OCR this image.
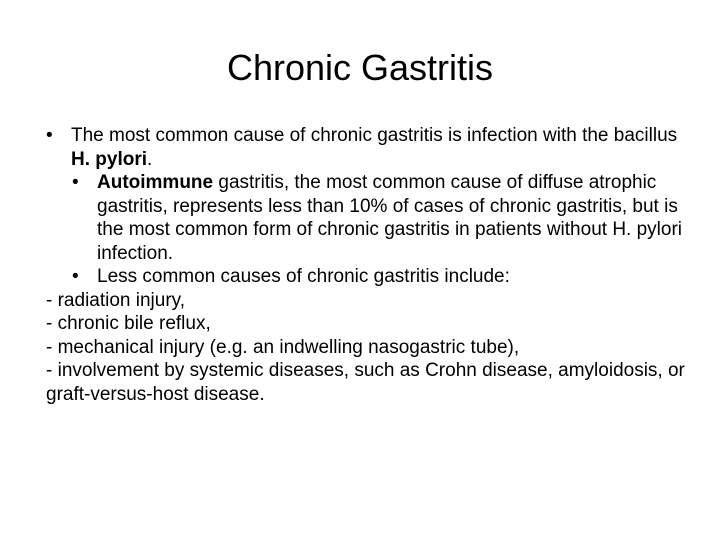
Chronic Gastritis
• The most common cause of chronic gastritis is infection with the bacillus H. pylori.
• Autoimmune gastritis, the most common cause of diffuse atrophic gastritis, represents less than 10% of cases of chronic gastritis, but is the most common form of chronic gastritis in patients without H. pylori infection.
• Less common causes of chronic gastritis include:
- radiation injury,
- chronic bile reflux,
- mechanical injury (e.g. an indwelling nasogastric tube),
- involvement by systemic diseases, such as Crohn disease, amyloidosis, or graft-versus-host disease.
